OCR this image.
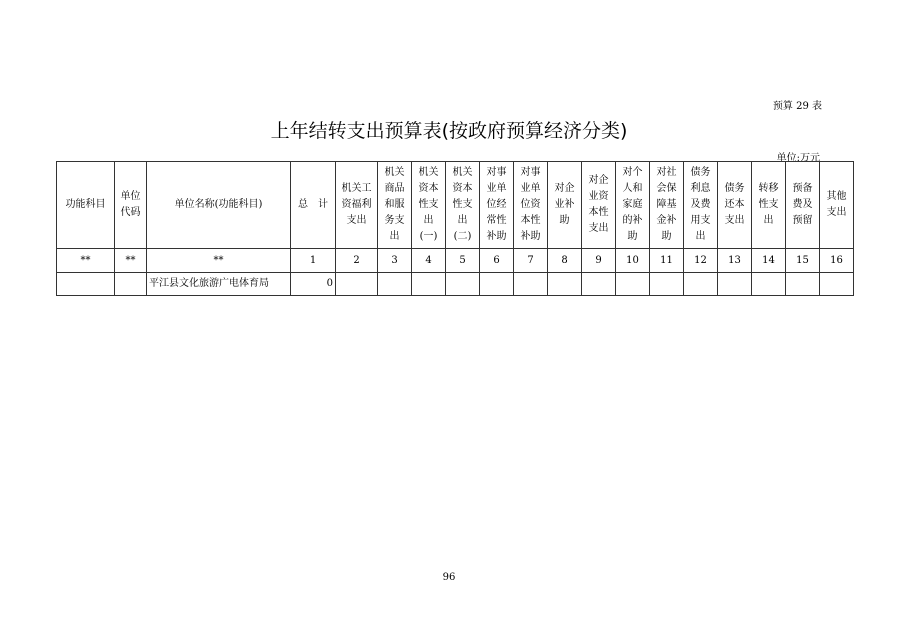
预算 29 表
上年结转支出预算表(按政府预算经济分类)
单位:万元
功能科目	单位
代码	单位名称(功能科目)	总　计	机关工
资福利
支出	机关
商品
和服
务支
出	机关
资本
性支
出
(一)	机关
资本
性支
出
(二)	对事
业单
位经
常性
补助	对事
业单
位资
本性
补助	对企
业补
助	对企
业资
本性
支出	对个
人和
家庭
的补
助	对社
会保
障基
金补
助	债务
利息
及费
用支
出	债务
还本
支出	转移
性支
出	预备
费及
预留	其他
支出
**	**	**	1	2	3	4	5	6	7	8	9	10	11	12	13	14	15	16
		平江县文化旅游广电体育局	0															
96
